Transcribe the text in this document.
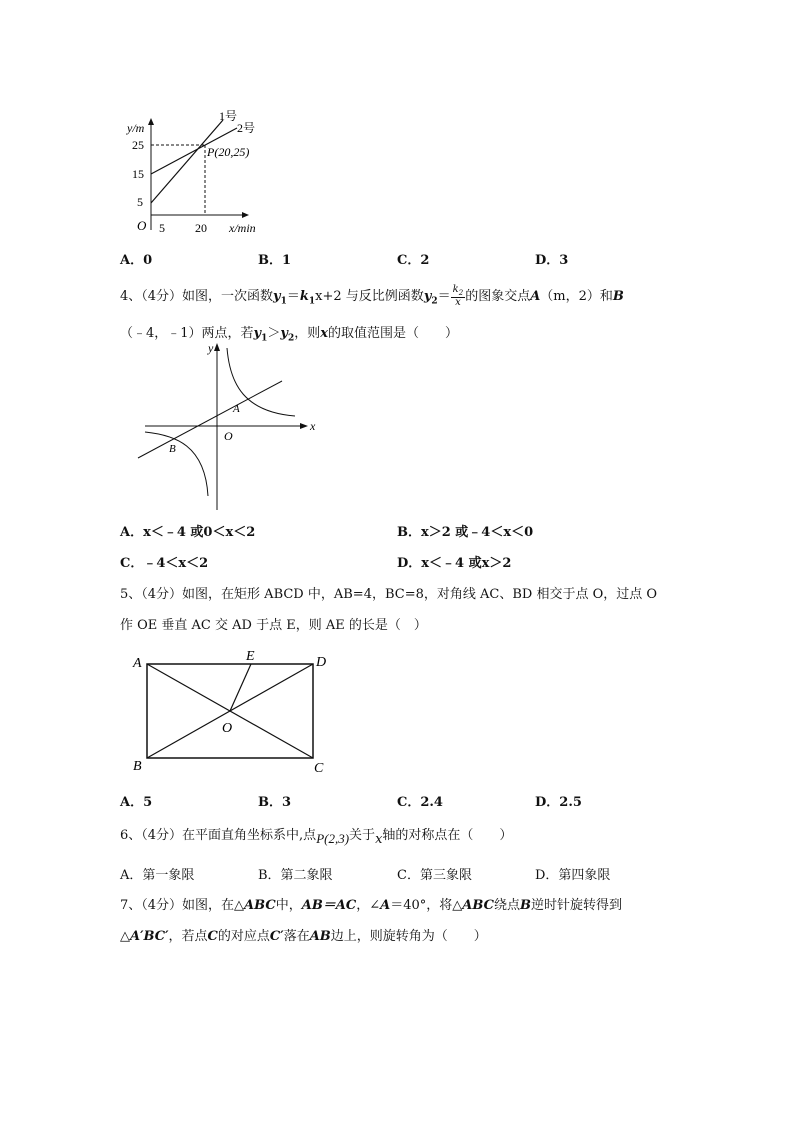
y/m
1号
2号
P(20,25)
25
15
5
O 5	20 x/min
A．0	B．1	C．2	D．3
4、（4分）如图，一次函数$y_1=k_1x+2$ 与反比例函数$y_2= \frac{k_2}{x}$ 的图象交点A（m，2）和B
（﹣4，﹣1）两点，若$y_1>y_2$，则x的取值范围是（　　）
y
x
O
A
B
A．x＜﹣4 或0＜x＜2	B．x＞2 或﹣4＜x＜0
C．﹣4＜x＜2	D．x＜﹣4 或x＞2
5、（4分）如图，在矩形 ABCD 中，AB=4，BC=8，对角线 AC、BD 相交于点 O，过点 O
作 OE 垂直 AC 交 AD 于点 E，则 AE 的长是（　）
A
B	C
D
E
O
A．5	B．3	C．2.4	D．2.5
6、（4分）在平面直角坐标系中,点P(2,3)关于x轴的对称点在（　　）
A．第一象限	B．第二象限	C．第三象限	D．第四象限
7、（4分）如图，在△ABC中，AB＝AC，∠A＝40°，将△ABC绕点B逆时针旋转得到
△A′BC′，若点C的对应点C′落在AB边上，则旋转角为（　　）
